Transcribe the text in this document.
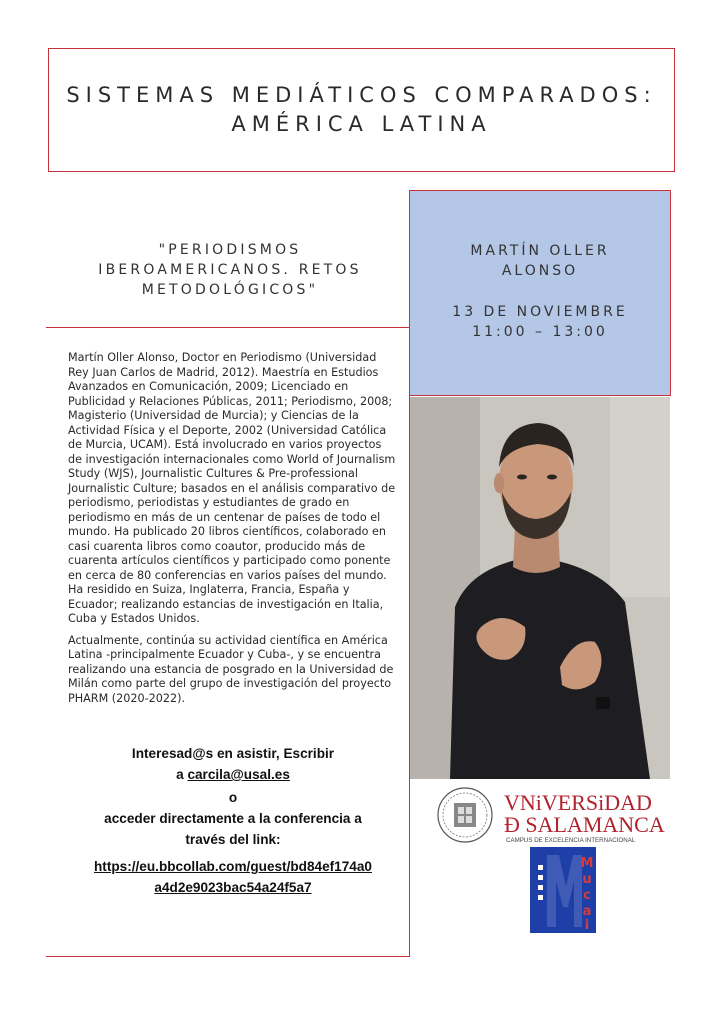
SISTEMAS MEDIÁTICOS COMPARADOS:
AMÉRICA LATINA
"PERIODISMOS
IBEROAMERICANOS. RETOS
METODOLÓGICOS"
MARTÍN OLLER
ALONSO
13 DE NOVIEMBRE
11:00 – 13:00

Martín Oller Alonso, Doctor en Periodismo (Universidad Rey Juan Carlos de Madrid, 2012). Maestría en Estudios Avanzados en Comunicación, 2009; Licenciado en Publicidad y Relaciones Públicas, 2011; Periodismo, 2008; Magisterio (Universidad de Murcia); y Ciencias de la Actividad Física y el Deporte, 2002 (Universidad Católica de Murcia, UCAM). Está involucrado en varios proyectos de investigación internacionales como World of Journalism Study (WJS), Journalistic Cultures & Pre-professional Journalistic Culture; basados en el análisis comparativo de periodismo, periodistas y estudiantes de grado en periodismo en más de un centenar de países de todo el mundo. Ha publicado 20 libros científicos, colaborado en casi cuarenta libros como coautor, producido más de cuarenta artículos científicos y participado como ponente en cerca de 80 conferencias en varios países del mundo. Ha residido en Suiza, Inglaterra, Francia, España y Ecuador; realizando estancias de investigación en Italia, Cuba y Estados Unidos.

Actualmente, continúa su actividad científica en América Latina -principalmente Ecuador y Cuba-, y se encuentra realizando una estancia de posgrado en la Universidad de Milán como parte del grupo de investigación del proyecto PHARM (2020-2022).

Interesad@s en asistir, Escribir
a carcila@usal.es
o
acceder directamente a la conferencia a
través del link:
https://eu.bbcollab.com/guest/bd84ef174a0
a4d2e9023bac54a24f5a7
VNiVERSiDAD
Ð SALAMANCA
CAMPUS DE EXCELENCIA INTERNACIONAL
M
u
c
a
i
